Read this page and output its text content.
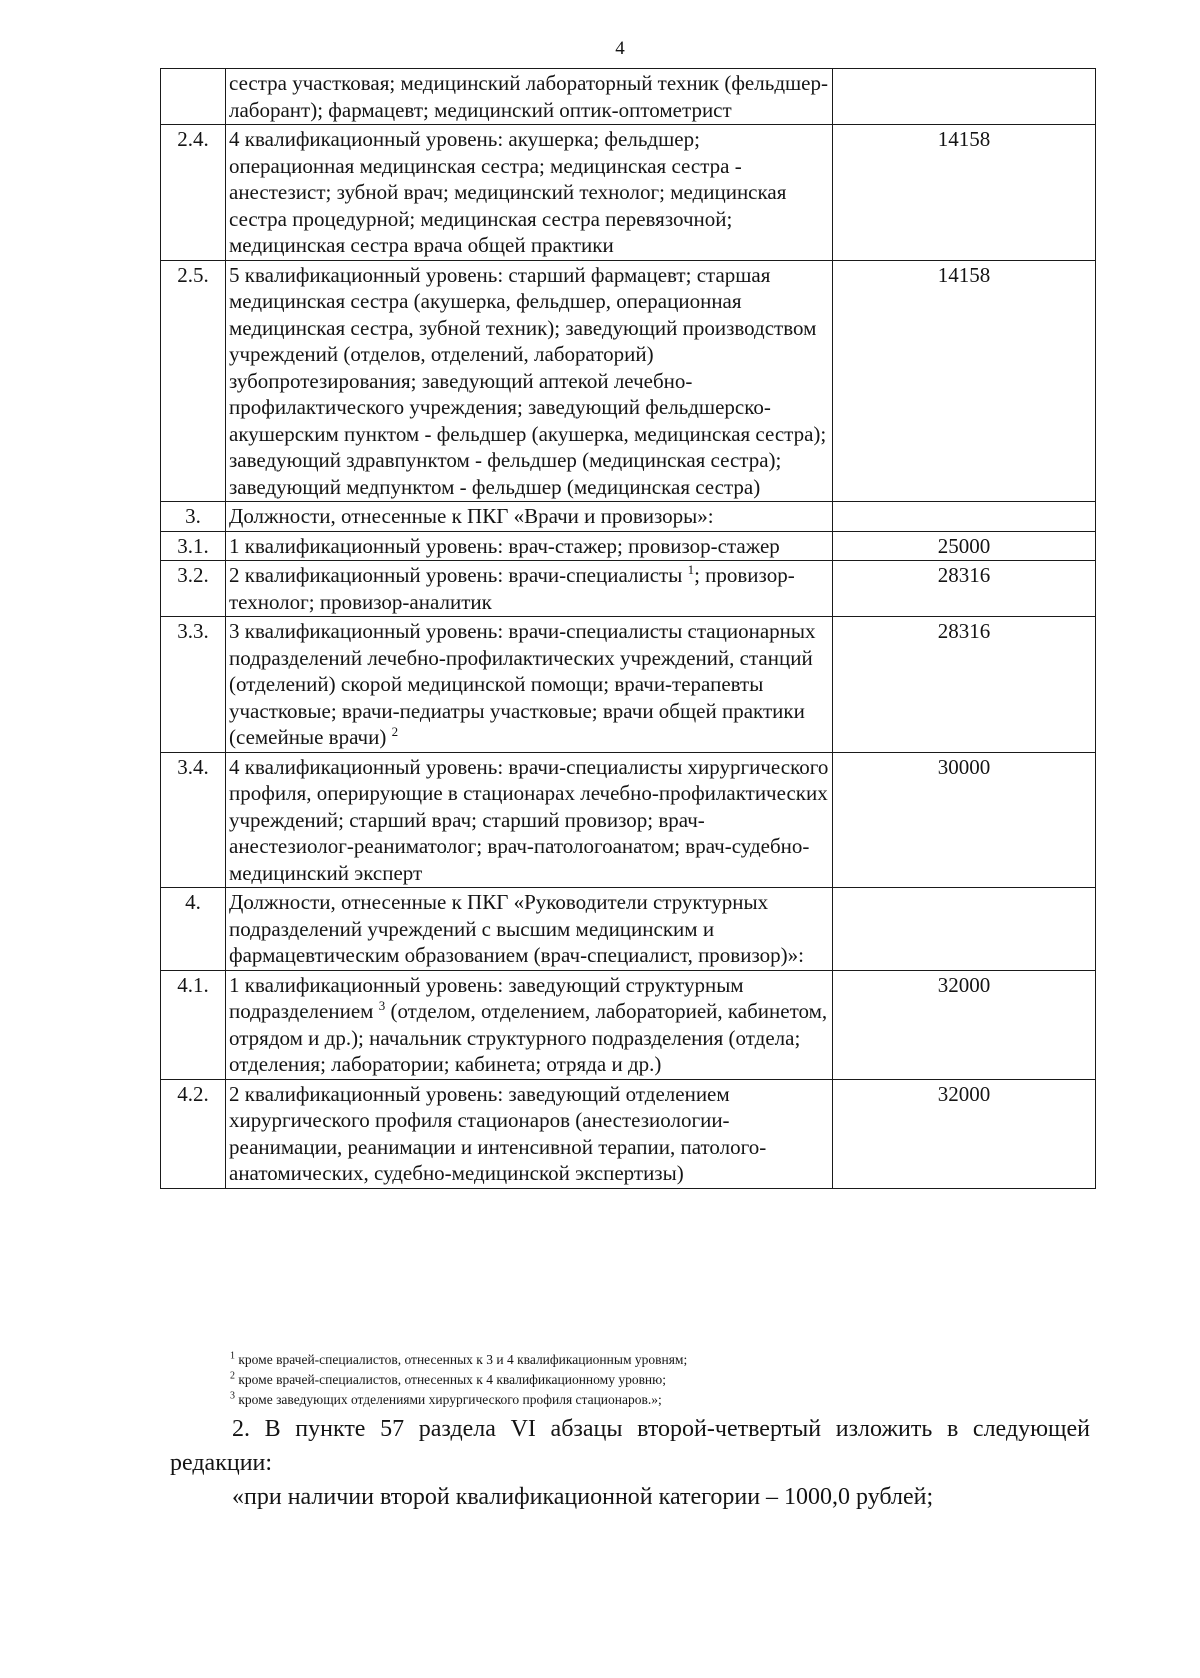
4
	сестра участковая; медицинский лабораторный техник (фельдшер-лаборант); фармацевт; медицинский оптик-оптометрист	
2.4.	4 квалификационный уровень: акушерка; фельдшер; операционная медицинская сестра; медицинская сестра - анестезист; зубной врач; медицинский технолог; медицинская сестра процедурной; медицинская сестра перевязочной; медицинская сестра врача общей практики	14158
2.5.	5 квалификационный уровень: старший фармацевт; старшая медицинская сестра (акушерка, фельдшер, операционная медицинская сестра, зубной техник); заведующий производством учреждений (отделов, отделений, лабораторий) зубопротезирования; заведующий аптекой лечебно-профилактического учреждения; заведующий фельдшерско-акушерским пунктом - фельдшер (акушерка, медицинская сестра); заведующий здравпунктом - фельдшер (медицинская сестра); заведующий медпунктом - фельдшер (медицинская сестра)	14158
3.	Должности, отнесенные к ПКГ «Врачи и провизоры»:	
3.1.	1 квалификационный уровень: врач-стажер; провизор-стажер	25000
3.2.	2 квалификационный уровень: врачи-специалисты $^1$; провизор-технолог; провизор-аналитик	28316
3.3.	3 квалификационный уровень: врачи-специалисты стационарных подразделений лечебно-профилактических учреждений, станций (отделений) скорой медицинской помощи; врачи-терапевты участковые; врачи-педиатры участковые; врачи общей практики (семейные врачи) $^2$	28316
3.4.	4 квалификационный уровень: врачи-специалисты хирургического профиля, оперирующие в стационарах лечебно-профилактических учреждений; старший врач; старший провизор; врач-анестезиолог-реаниматолог; врач-патологоанатом; врач-судебно-медицинский эксперт	30000
4.	Должности, отнесенные к ПКГ «Руководители структурных подразделений учреждений с высшим медицинским и фармацевтическим образованием (врач-специалист, провизор)»:	
4.1.	1 квалификационный уровень: заведующий структурным подразделением $^3$ (отделом, отделением, лабораторией, кабинетом, отрядом и др.); начальник структурного подразделения (отдела; отделения; лаборатории; кабинета; отряда и др.)	32000
4.2.	2 квалификационный уровень: заведующий отделением хирургического профиля стационаров (анестезиологии-реанимации, реанимации и интенсивной терапии, патолого-анатомических, судебно-медицинской экспертизы)	32000
$^1$ кроме врачей-специалистов, отнесенных к 3 и 4 квалификационным уровням;
$^2$ кроме врачей-специалистов, отнесенных к 4 квалификационному уровню;
$^3$ кроме заведующих отделениями хирургического профиля стационаров.»;

2. В пункте 57 раздела VI абзацы второй-четвертый изложить в следующей редакции:

«при наличии второй квалификационной категории – 1000,0 рублей;
